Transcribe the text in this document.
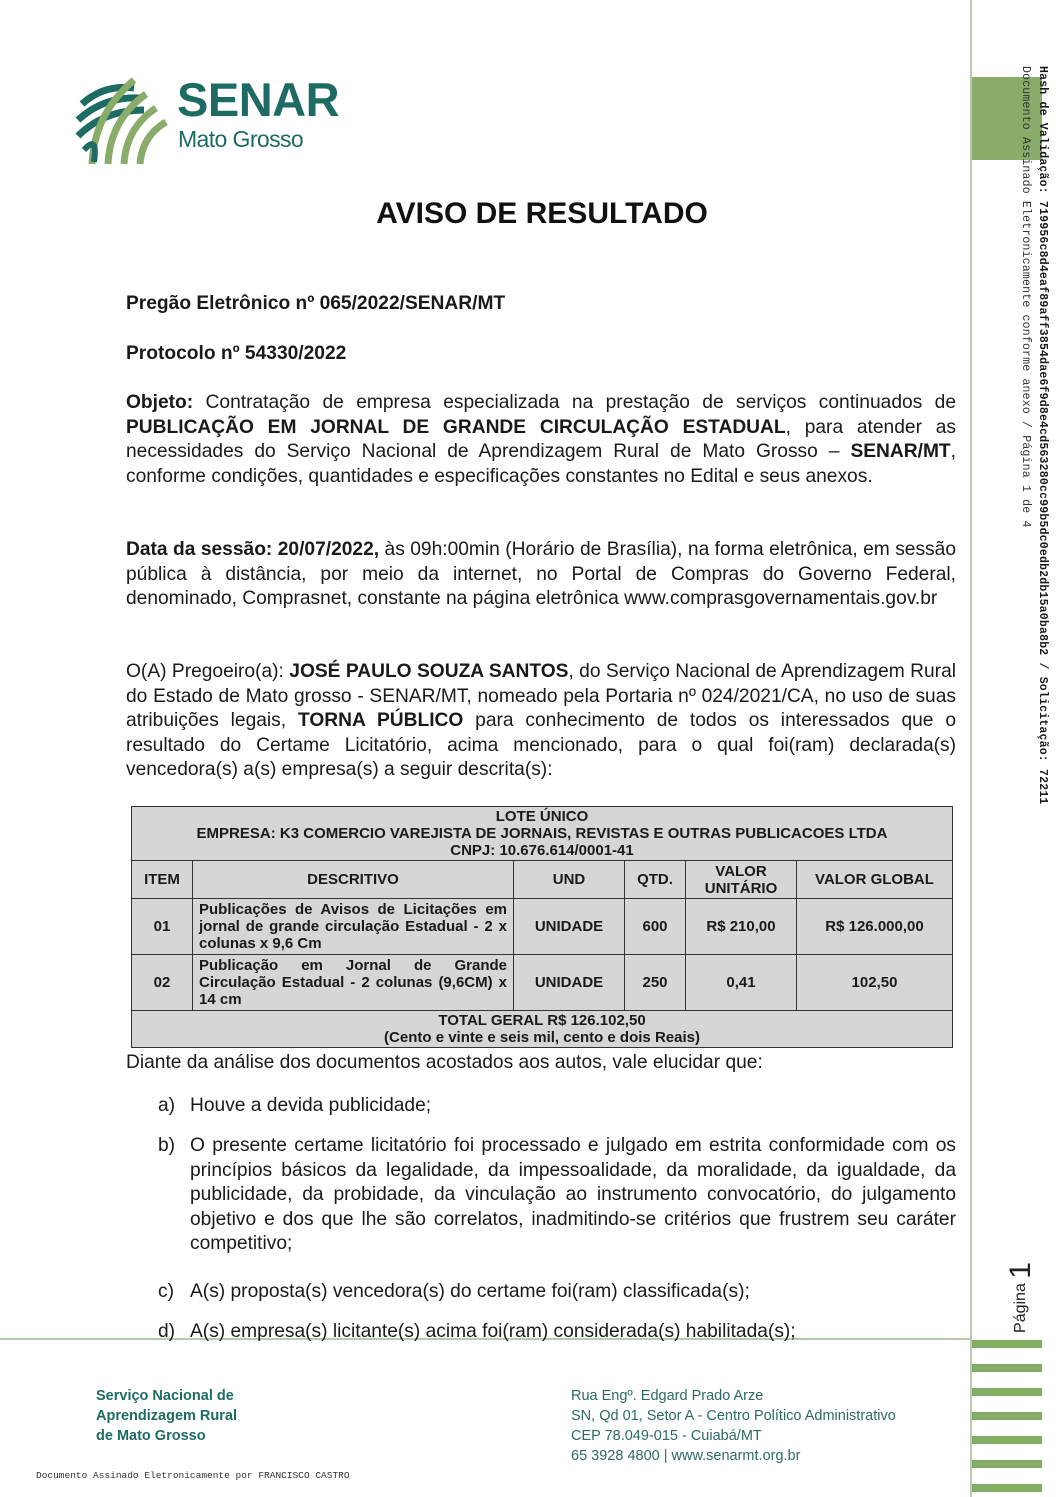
Hash de Validação: 719956c8d4eaf89aff3854dae6f9d8e4cd563280cc99b5dc0edb2db15a0ba8b2 / Solicitação: 72211
Documento Assinado Eletronicamente conforme anexo / Página 1 de 4
Página 1
SENAR
Mato Grosso
AVISO DE RESULTADO
Pregão Eletrônico nº 065/2022/SENAR/MT
Protocolo nº 54330/2022
Objeto: Contratação de empresa especializada na prestação de serviços continuados de PUBLICAÇÃO EM JORNAL DE GRANDE CIRCULAÇÃO ESTADUAL, para atender as necessidades do Serviço Nacional de Aprendizagem Rural de Mato Grosso – SENAR/MT, conforme condições, quantidades e especificações constantes no Edital e seus anexos.
Data da sessão: 20/07/2022, às 09h:00min (Horário de Brasília), na forma eletrônica, em sessão pública à distância, por meio da internet, no Portal de Compras do Governo Federal, denominado, Comprasnet, constante na página eletrônica www.comprasgovernamentais.gov.br
O(A) Pregoeiro(a): JOSÉ PAULO SOUZA SANTOS, do Serviço Nacional de Aprendizagem Rural do Estado de Mato grosso - SENAR/MT, nomeado pela Portaria nº 024/2021/CA, no uso de suas atribuições legais, TORNA PÚBLICO para conhecimento de todos os interessados que o resultado do Certame Licitatório, acima mencionado, para o qual foi(ram) declarada(s) vencedora(s) a(s) empresa(s) a seguir descrita(s):
LOTE ÚNICO
EMPRESA: K3 COMERCIO VAREJISTA DE JORNAIS, REVISTAS E OUTRAS PUBLICACOES LTDA
CNPJ: 10.676.614/0001-41					

ITEM	DESCRITIVO	UND	QTD.	VALOR UNITÁRIO	VALOR GLOBAL
01	Publicações de Avisos de Licitações em jornal de grande circulação Estadual - 2 x colunas x 9,6 Cm	UNIDADE	600	R$ 210,00	R$ 126.000,00
02	Publicação em Jornal de Grande Circulação Estadual - 2 colunas (9,6CM) x 14 cm	UNIDADE	250	0,41	102,50

TOTAL GERAL R$ 126.102,50
(Cento e vinte e seis mil, cento e dois Reais)					
Diante da análise dos documentos acostados aos autos, vale elucidar que:
a) Houve a devida publicidade;
b) O presente certame licitatório foi processado e julgado em estrita conformidade com os princípios básicos da legalidade, da impessoalidade, da moralidade, da igualdade, da publicidade, da probidade, da vinculação ao instrumento convocatório, do julgamento objetivo e dos que lhe são correlatos, inadmitindo-se critérios que frustrem seu caráter competitivo;
c) A(s) proposta(s) vencedora(s) do certame foi(ram) classificada(s);
d) A(s) empresa(s) licitante(s) acima foi(ram) considerada(s) habilitada(s);
Serviço Nacional de
Aprendizagem Rural
de Mato Grosso
Rua Engº. Edgard Prado Arze
SN, Qd 01, Setor A - Centro Político Administrativo
CEP 78.049-015 - Cuiabá/MT
65 3928 4800 | www.senarmt.org.br
Documento Assinado Eletronicamente por FRANCISCO CASTRO
